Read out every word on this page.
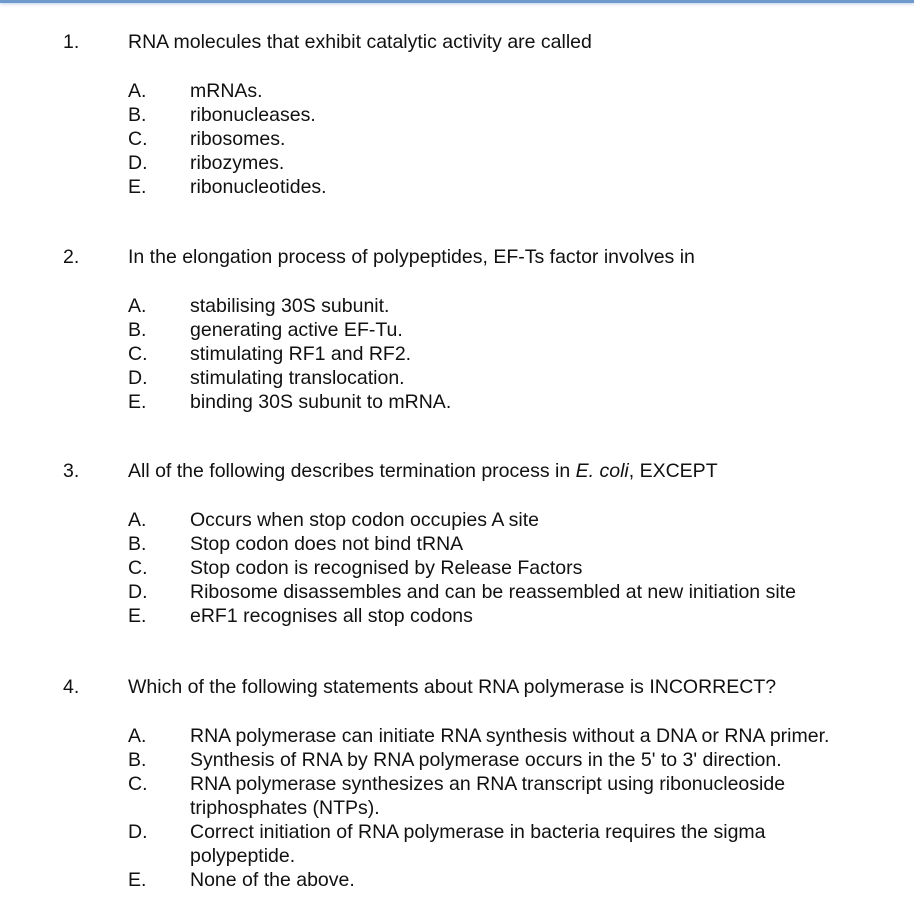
1. RNA molecules that exhibit catalytic activity are called
A.	mRNAs.
B.	ribonucleases.
C.	ribosomes.
D.	ribozymes.
E.	ribonucleotides.
2. In the elongation process of polypeptides, EF-Ts factor involves in
A.	stabilising 30S subunit.
B.	generating active EF-Tu.
C.	stimulating RF1 and RF2.
D.	stimulating translocation.
E.	binding 30S subunit to mRNA.
3. All of the following describes termination process in E. coli, EXCEPT
A.	Occurs when stop codon occupies A site
B.	Stop codon does not bind tRNA
C.	Stop codon is recognised by Release Factors
D.	Ribosome disassembles and can be reassembled at new initiation site
E.	eRF1 recognises all stop codons
4. Which of the following statements about RNA polymerase is INCORRECT?
A.	RNA polymerase can initiate RNA synthesis without a DNA or RNA primer.
B.	Synthesis of RNA by RNA polymerase occurs in the 5' to 3' direction.
C.	RNA polymerase synthesizes an RNA transcript using ribonucleoside triphosphates (NTPs).
D.	Correct initiation of RNA polymerase in bacteria requires the sigma polypeptide.
E.	None of the above.
